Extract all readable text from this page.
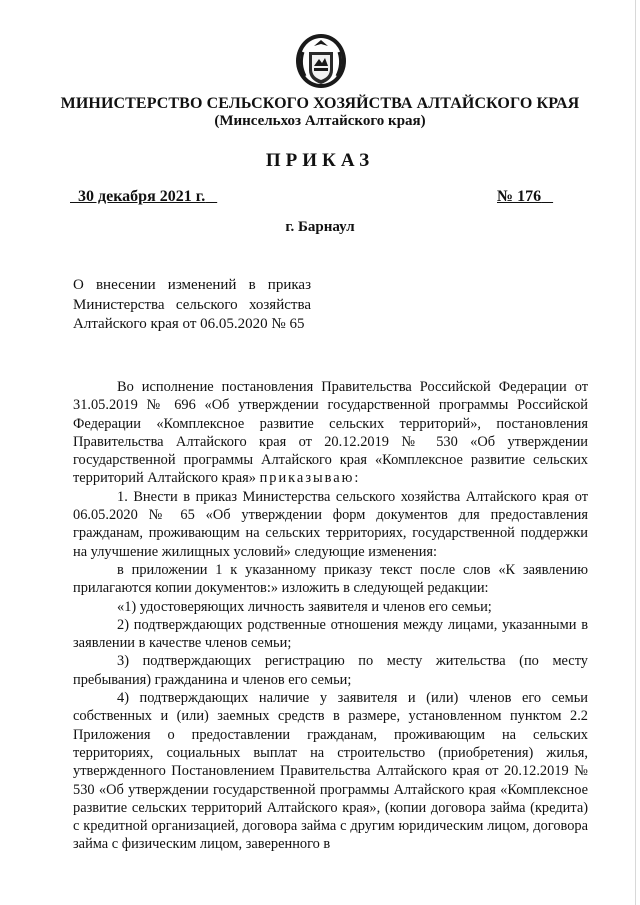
МИНИСТЕРСТВО СЕЛЬСКОГО ХОЗЯЙСТВА АЛТАЙСКОГО КРАЯ
(Минсельхоз Алтайского края)
ПРИКАЗ
30 декабря 2021 г.	№ 176
г. Барнаул
О внесении изменений в приказ
Министерства сельского хозяйства
Алтайского края от 06.05.2020 № 65

Во исполнение постановления Правительства Российской Федерации от 31.05.2019 № 696 «Об утверждении государственной программы Российской Федерации «Комплексное развитие сельских территорий», постановления Правительства Алтайского края от 20.12.2019 № 530 «Об утверждении государственной программы Алтайского края «Комплексное развитие сельских территорий Алтайского края» приказываю:

1. Внести в приказ Министерства сельского хозяйства Алтайского края от 06.05.2020 № 65 «Об утверждении форм документов для предоставления гражданам, проживающим на сельских территориях, государственной поддержки на улучшение жилищных условий» следующие изменения:

в приложении 1 к указанному приказу текст после слов «К заявлению прилагаются копии документов:» изложить в следующей редакции:

«1) удостоверяющих личность заявителя и членов его семьи;

2) подтверждающих родственные отношения между лицами, указанными в заявлении в качестве членов семьи;

3) подтверждающих регистрацию по месту жительства (по месту пребывания) гражданина и членов его семьи;

4) подтверждающих наличие у заявителя и (или) членов его семьи собственных и (или) заемных средств в размере, установленном пунктом 2.2 Приложения о предоставлении гражданам, проживающим на сельских территориях, социальных выплат на строительство (приобретения) жилья, утвержденного Постановлением Правительства Алтайского края от 20.12.2019 № 530 «Об утверждении государственной программы Алтайского края «Комплексное развитие сельских территорий Алтайского края», (копии договора займа (кредита) с кредитной организацией, договора займа с другим юридическим лицом, договора займа с физическим лицом, заверенного в
